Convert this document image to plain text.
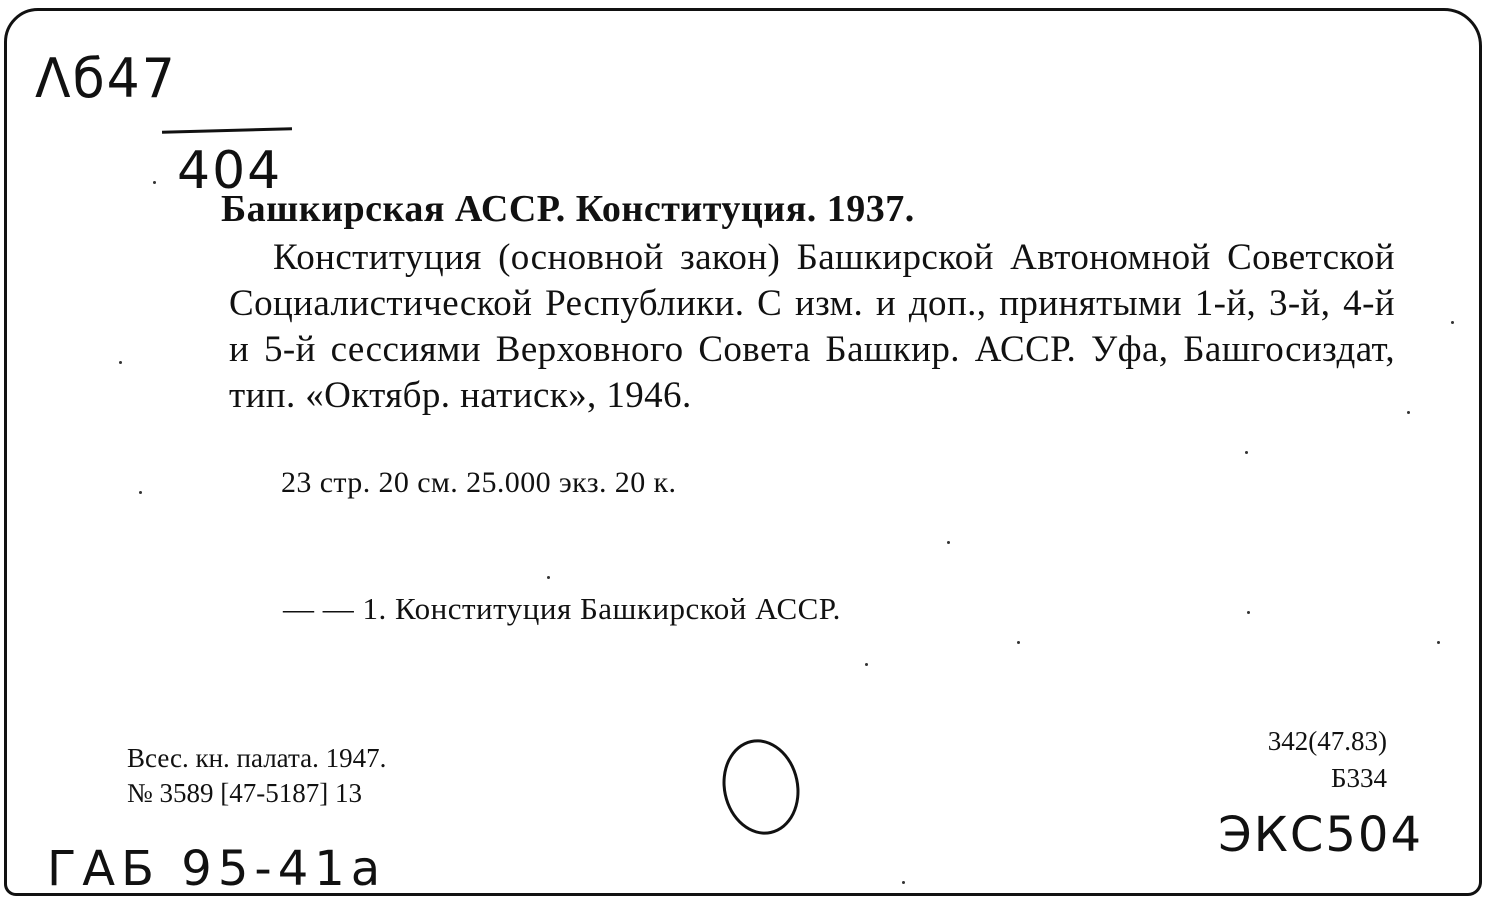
Λб47
404
Башкирская АССР. Конституция. 1937.
Конституция (основной закон) Башкирской Автономной Советской Социалистической Республики. С изм. и доп., принятыми 1-й, 3-й, 4-й и 5-й сессиями Верховного Совета Башкир. АССР. Уфа, Башгосиздат, тип. «Октябр. натиск», 1946.
23 стр. 20 см. 25.000 экз. 20 к.
— — 1. Конституция Башкирской АССР.
Всес. кн. палата. 1947.
№ 3589 [47-5187] 13
342(47.83)
Б334
ЭКС504
ГАБ 95-41а
